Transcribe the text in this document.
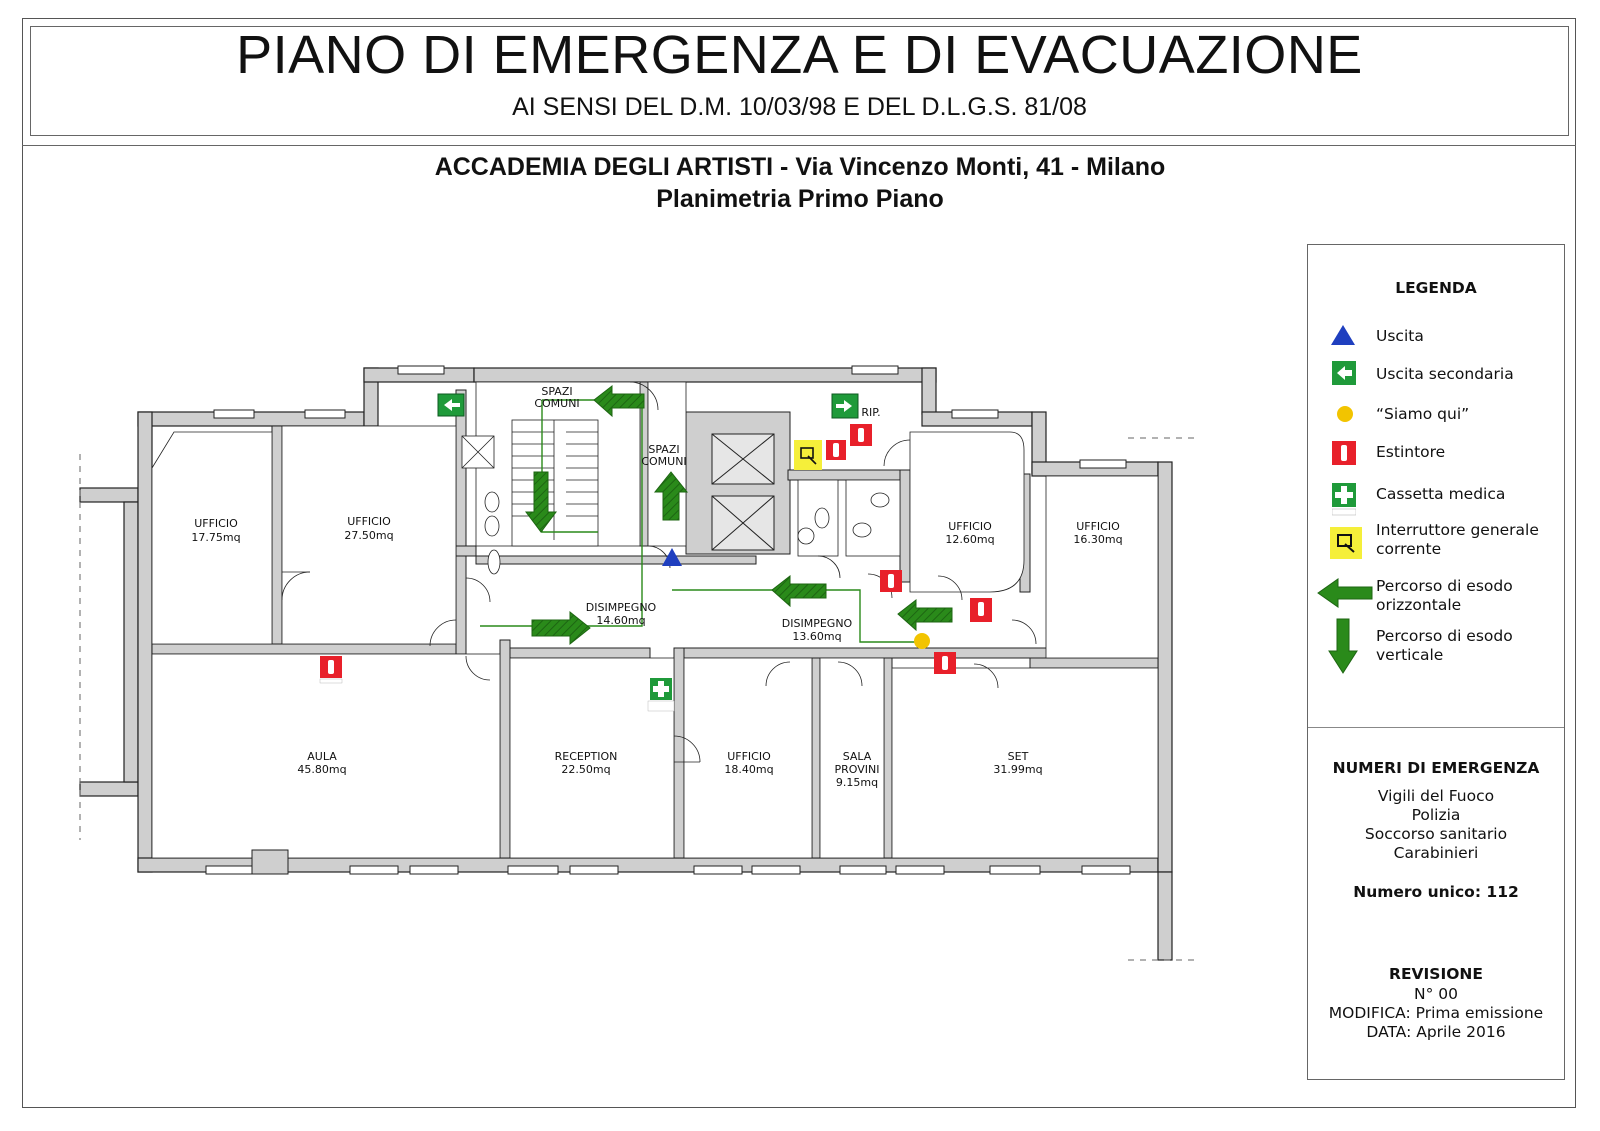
PIANO DI EMERGENZA E DI EVACUAZIONE
AI SENSI DEL D.M. 10/03/98 E DEL D.L.G.S. 81/08
ACCADEMIA DEGLI ARTISTI - Via Vincenzo Monti, 41 - Milano
Planimetria Primo Piano
UFFICIO
17.75mq
UFFICIO
27.50mq
SPAZI
COMUNI
SPAZI
COMUNI
RIP.
UFFICIO
12.60mq
UFFICIO
16.30mq
DISIMPEGNO
14.60mq	DISIMPEGNO
13.60mq
AULA
45.80mq
RECEPTION
22.50mq
UFFICIO
18.40mq
SALA
PROVINI
9.15mq
SET
31.99mq
LEGENDA
Uscita
Uscita secondaria
“Siamo qui”
Estintore
Cassetta medica
Interruttore generale corrente
Percorso di esodo orizzontale
Percorso di esodo verticale
NUMERI DI EMERGENZA
Vigili del Fuoco
Polizia
Soccorso sanitario
Carabinieri
Numero unico: 112
REVISIONE
N° 00
MODIFICA: Prima emissione
DATA: Aprile 2016
